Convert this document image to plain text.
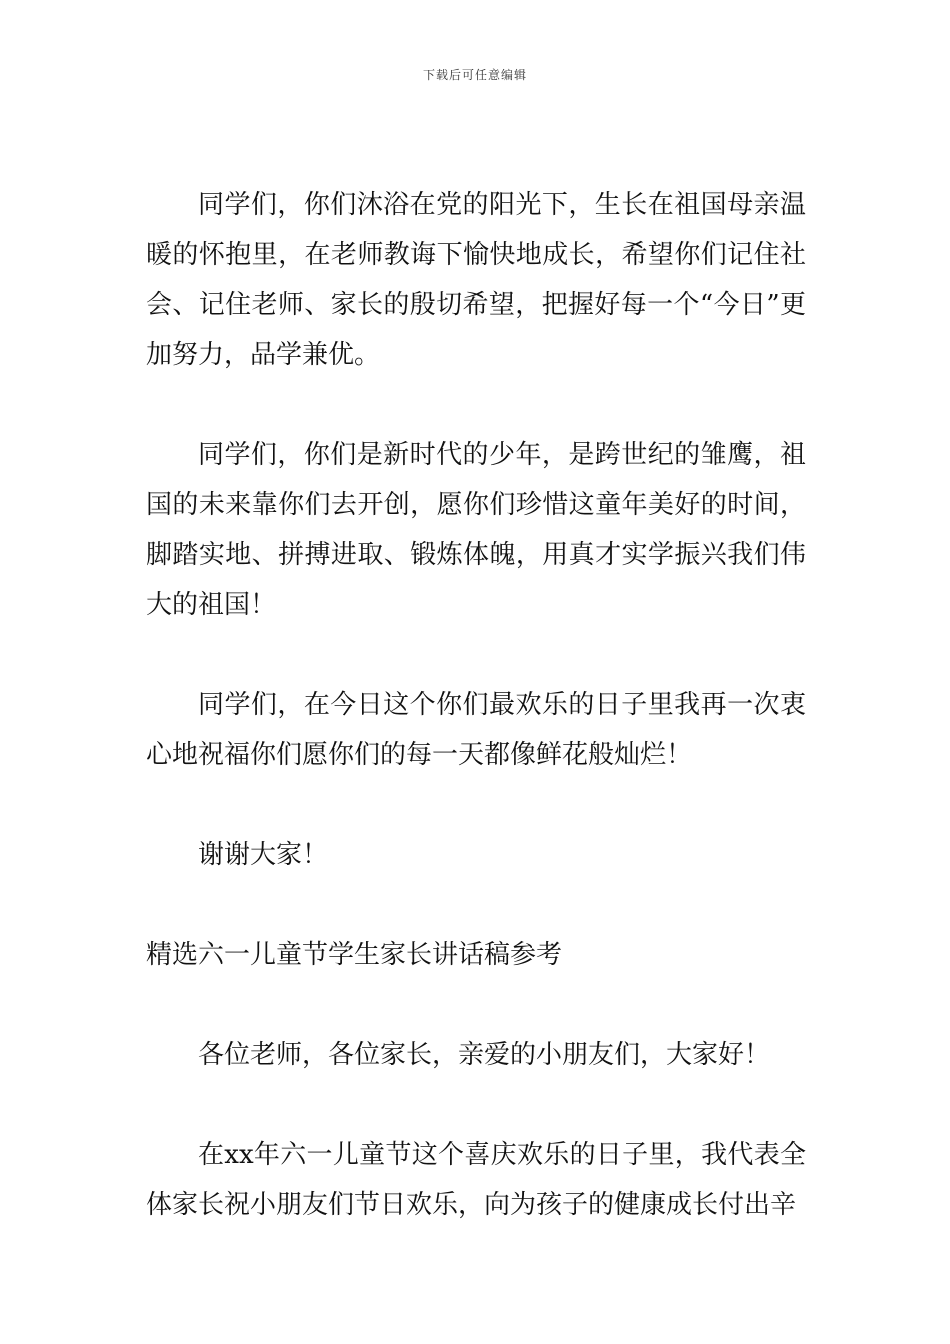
下载后可任意编辑

同学们，你们沐浴在党的阳光下，生长在祖国母亲温暖的怀抱里，在老师教诲下愉快地成长，希望你们记住社会、记住老师、家长的殷切希望，把握好每一个“今日”更加努力，品学兼优。

同学们，你们是新时代的少年，是跨世纪的雏鹰，祖国的未来靠你们去开创，愿你们珍惜这童年美好的时间，脚踏实地、拼搏进取、锻炼体魄，用真才实学振兴我们伟大的祖国！

同学们，在今日这个你们最欢乐的日子里我再一次衷心地祝福你们愿你们的每一天都像鲜花般灿烂！

谢谢大家！

精选六一儿童节学生家长讲话稿参考

各位老师，各位家长，亲爱的小朋友们，大家好！

在xx年六一儿童节这个喜庆欢乐的日子里，我代表全体家长祝小朋友们节日欢乐，向为孩子的健康成长付出辛
